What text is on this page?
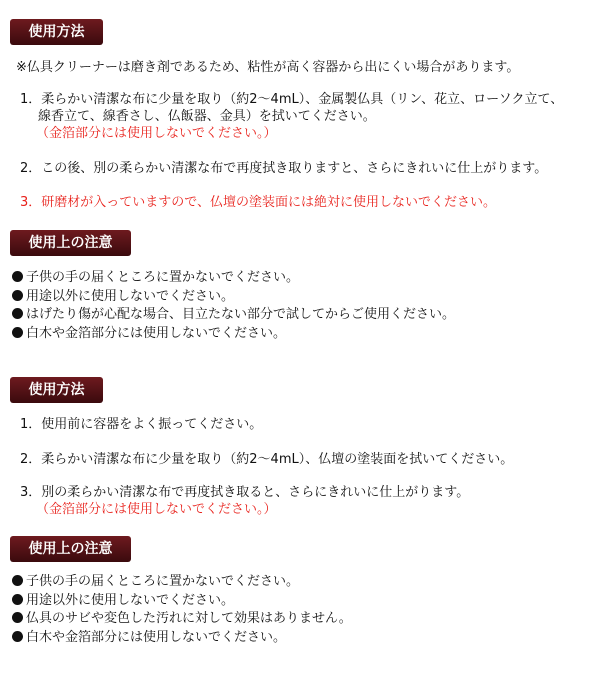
使用方法
※仏具クリーナーは磨き剤であるため、粘性が高く容器から出にくい場合があります。
1．柔らかい清潔な布に少量を取り（約2～4mL）、金属製仏具（リン、花立、ローソク立て、
線香立て、線香さし、仏飯器、金具）を拭いてください。
（金箔部分には使用しないでください。）
2．この後、別の柔らかい清潔な布で再度拭き取りますと、さらにきれいに仕上がります。
3．研磨材が入っていますので、仏壇の塗装面には絶対に使用しないでください。
使用上の注意
子供の手の届くところに置かないでください。
用途以外に使用しないでください。
はげたり傷が心配な場合、目立たない部分で試してからご使用ください。
白木や金箔部分には使用しないでください。
使用方法
1．使用前に容器をよく振ってください。
2．柔らかい清潔な布に少量を取り（約2～4mL）、仏壇の塗装面を拭いてください。
3．別の柔らかい清潔な布で再度拭き取ると、さらにきれいに仕上がります。
（金箔部分には使用しないでください。）
使用上の注意
子供の手の届くところに置かないでください。
用途以外に使用しないでください。
仏具のサビや変色した汚れに対して効果はありません。
白木や金箔部分には使用しないでください。
